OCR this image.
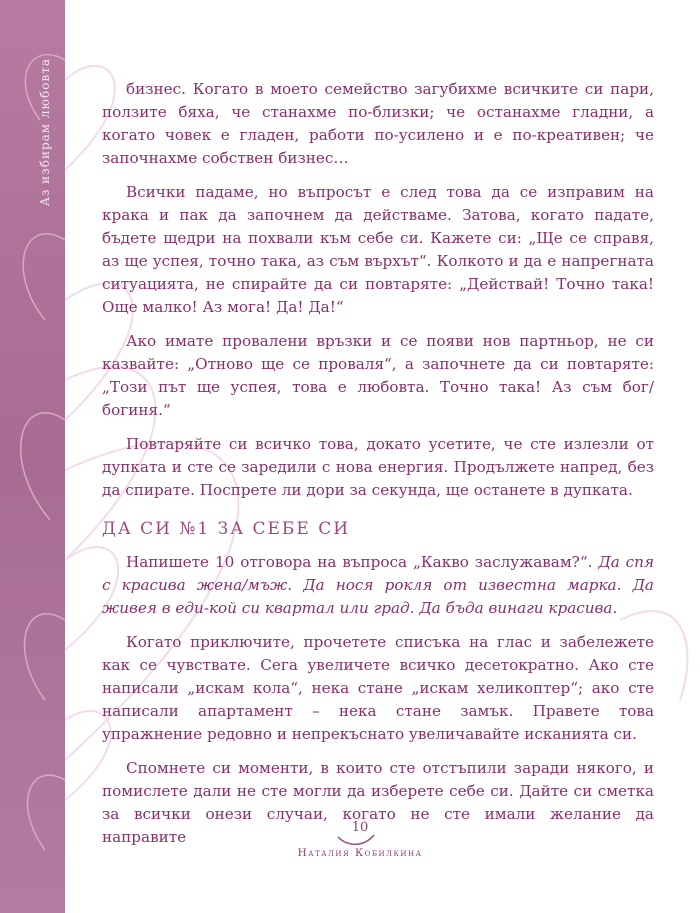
Аз избирам любовта	бизнес. Когато в моето семейство загубихме всичките си пари, ползите бяха, че станахме по-близки; че останахме гладни, а когато човек е гладен, работи по-усилено и е по-креативен; че започнахме собствен бизнес…

Всички падаме, но въпросът е след това да се изправим на крака и пак да започнем да действаме. Затова, когато падате, бъдете щедри на похвали към себе си. Кажете си: „Ще се справя, аз ще успея, точно така, аз съм върхът“. Колкото и да е напрегната ситуацията, не спирайте да си повтаряте: „Действай! Точно така! Още малко! Аз мога! Да! Да!“

Ако имате провалени връзки и се появи нов партньор, не си казвайте: „Отново ще се проваля“, а започнете да си повтаряте: „Този път ще успея, това е любовта. Точно така! Аз съм бог/богиня.“

Повтаряйте си всичко това, докато усетите, че сте излезли от дупката и сте се заредили с нова енергия. Продължете напред, без да спирате. Поспрете ли дори за секунда, ще останете в дупката.

ДА СИ №1 ЗА СЕБЕ СИ

Напишете 10 отговора на въпроса „Какво заслужавам?“. Да спя с красива жена/мъж. Да нося рокля от известна марка. Да живея в еди-кой си квартал или град. Да бъда винаги красива.

Когато приключите, прочетете списъка на глас и забележете как се чувствате. Сега увеличете всичко десетократно. Ако сте написали „искам кола“, нека стане „искам хеликоптер“; ако сте написали апартамент – нека стане замък. Правете това упражнение редовно и непрекъснато увеличавайте исканията си.

Спомнете си моменти, в които сте отстъпили заради някого, и помислете дали не сте могли да изберете себе си. Дайте си сметка за всички онези случаи, когато не сте имали желание да направите

10
Наталия Кобилкина
